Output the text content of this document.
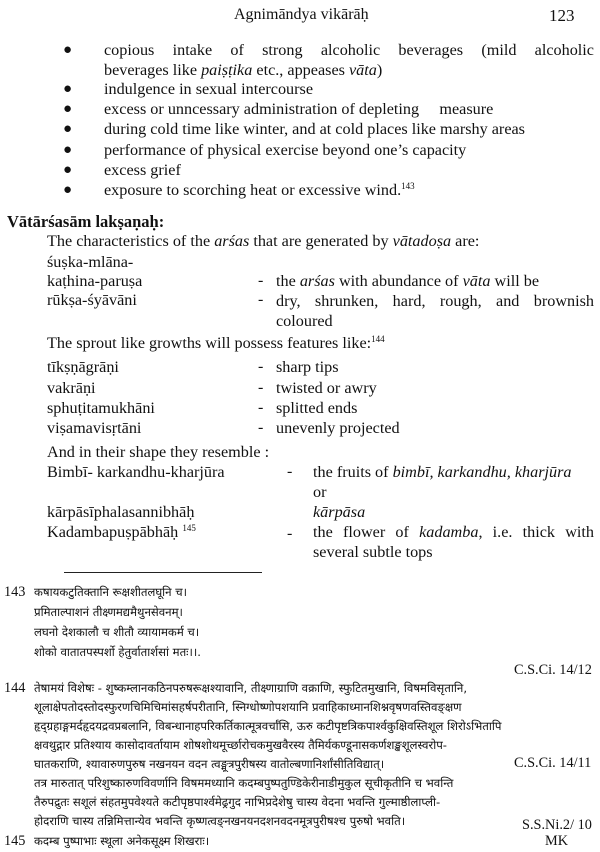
Agnimāndya vikārāḥ	123
● copious intake of strong alcoholic beverages (mild alcoholic
beverages like paiṣṭika etc., appeases vāta)
● indulgence in sexual intercourse
● excess or unncessary administration of depleting     measure
● during cold time like winter, and at cold places like marshy areas
● performance of physical exercise beyond one’s capacity
● excess grief
● exposure to scorching heat or excessive wind.$^{143}$
Vātārśasām lakṣaṇaḥ:
The characteristics of the arśas that are generated by vātadoṣa are:
śuṣka-mlāna-
kaṭhina-paruṣa	- the arśas with abundance of vāta will be
rūkṣa-śyāvāni	- dry, shrunken, hard, rough, and brownish coloured
The sprout like growths will possess features like:$^{144}$
tīkṣṇāgrāṇi	- sharp tips
vakrāṇi	- twisted or awry
sphuṭitamukhāni	- splitted ends
viṣamavisṛtāni	- unevenly projected
And in their shape they resemble :
Bimbī- karkandhu-kharjūra	- the fruits of bimbī, karkandhu, kharjūra
or
kārpāsīphalasannibhāḥ	kārpāsa
Kadambapuṣpābhāḥ $^{145}$	- the flower of kadamba, i.e. thick with
several subtle tops
143 कषायकटुतिक्तानि रूक्षशीतलघूनि च।
प्रमिताल्पाशनं तीक्ष्णमद्यमैथुनसेवनम्।
लघनो देशकालौ च शीतौ व्यायामकर्म च।
शोको वातातपस्पर्शो हेतुर्वातार्शसां मतः।।.
C.S.Ci. 14/12
144 तेषामयं विशेषः - शुष्कम्लानकठिनपरुषरूक्षश्यावानि, तीक्ष्णाग्राणि वक्राणि, स्फुटितमुखानि, विषमविसृतानि,
शूलाक्षेपतोदस्तोदस्फुरणचिमिचिमांसहर्षपरीतानि, स्निग्धोष्णोपशयानि प्रवाहिकाध्मानशिश्नवृषणवस्तिवङ्क्षण
हृद्ग्रहाङ्गमर्दहृदयद्रवप्रबलानि, विबन्धानाहपरिकर्तिकात्मूत्रवर्चांसि, ऊरु कटीपृष्टत्रिकपार्श्वकुक्षिवस्तिशूल शिरोऽभितापि
क्षवथुद्गार प्रतिश्याय कासोदावर्तायाम शोषशोथमूर्च्छारोचकमुखवैरस्य तैमिर्यकण्डूनासकर्णशङ्खशूलस्वरोप-
घातकराणि, श्यावारुणपुरुष नखनयन वदन त्वङ्मूत्रपुरीषस्य वातोल्बणानिर्शांसीतिविद्यात्।	C.S.Ci. 14/11
तत्र मारुतात् परिशुष्कारुणविवर्णानि विषममध्यानि कदम्बपुष्पतुण्डिकेरीनाडीमुकुल सूचीकृतीनि च भवन्ति
तैरुपद्रुतः सशूलं संहतमुपवेश्यते कटीपृष्ठपार्श्वमेढ्रगुद नाभिप्रदेशेषु चास्य वेदना भवन्ति गुल्माष्ठीलाप्ली-
होदराणि चास्य तन्निमित्तान्येव भवन्ति कृष्णत्वङ्नखनयनदशनवदनमूत्रपुरीषश्च पुरुषो भवति।	S.S.Ni.2/ 10
145 कदम्ब पुष्पाभाः स्थूला अनेकसूक्ष्म शिखराः।	MK
